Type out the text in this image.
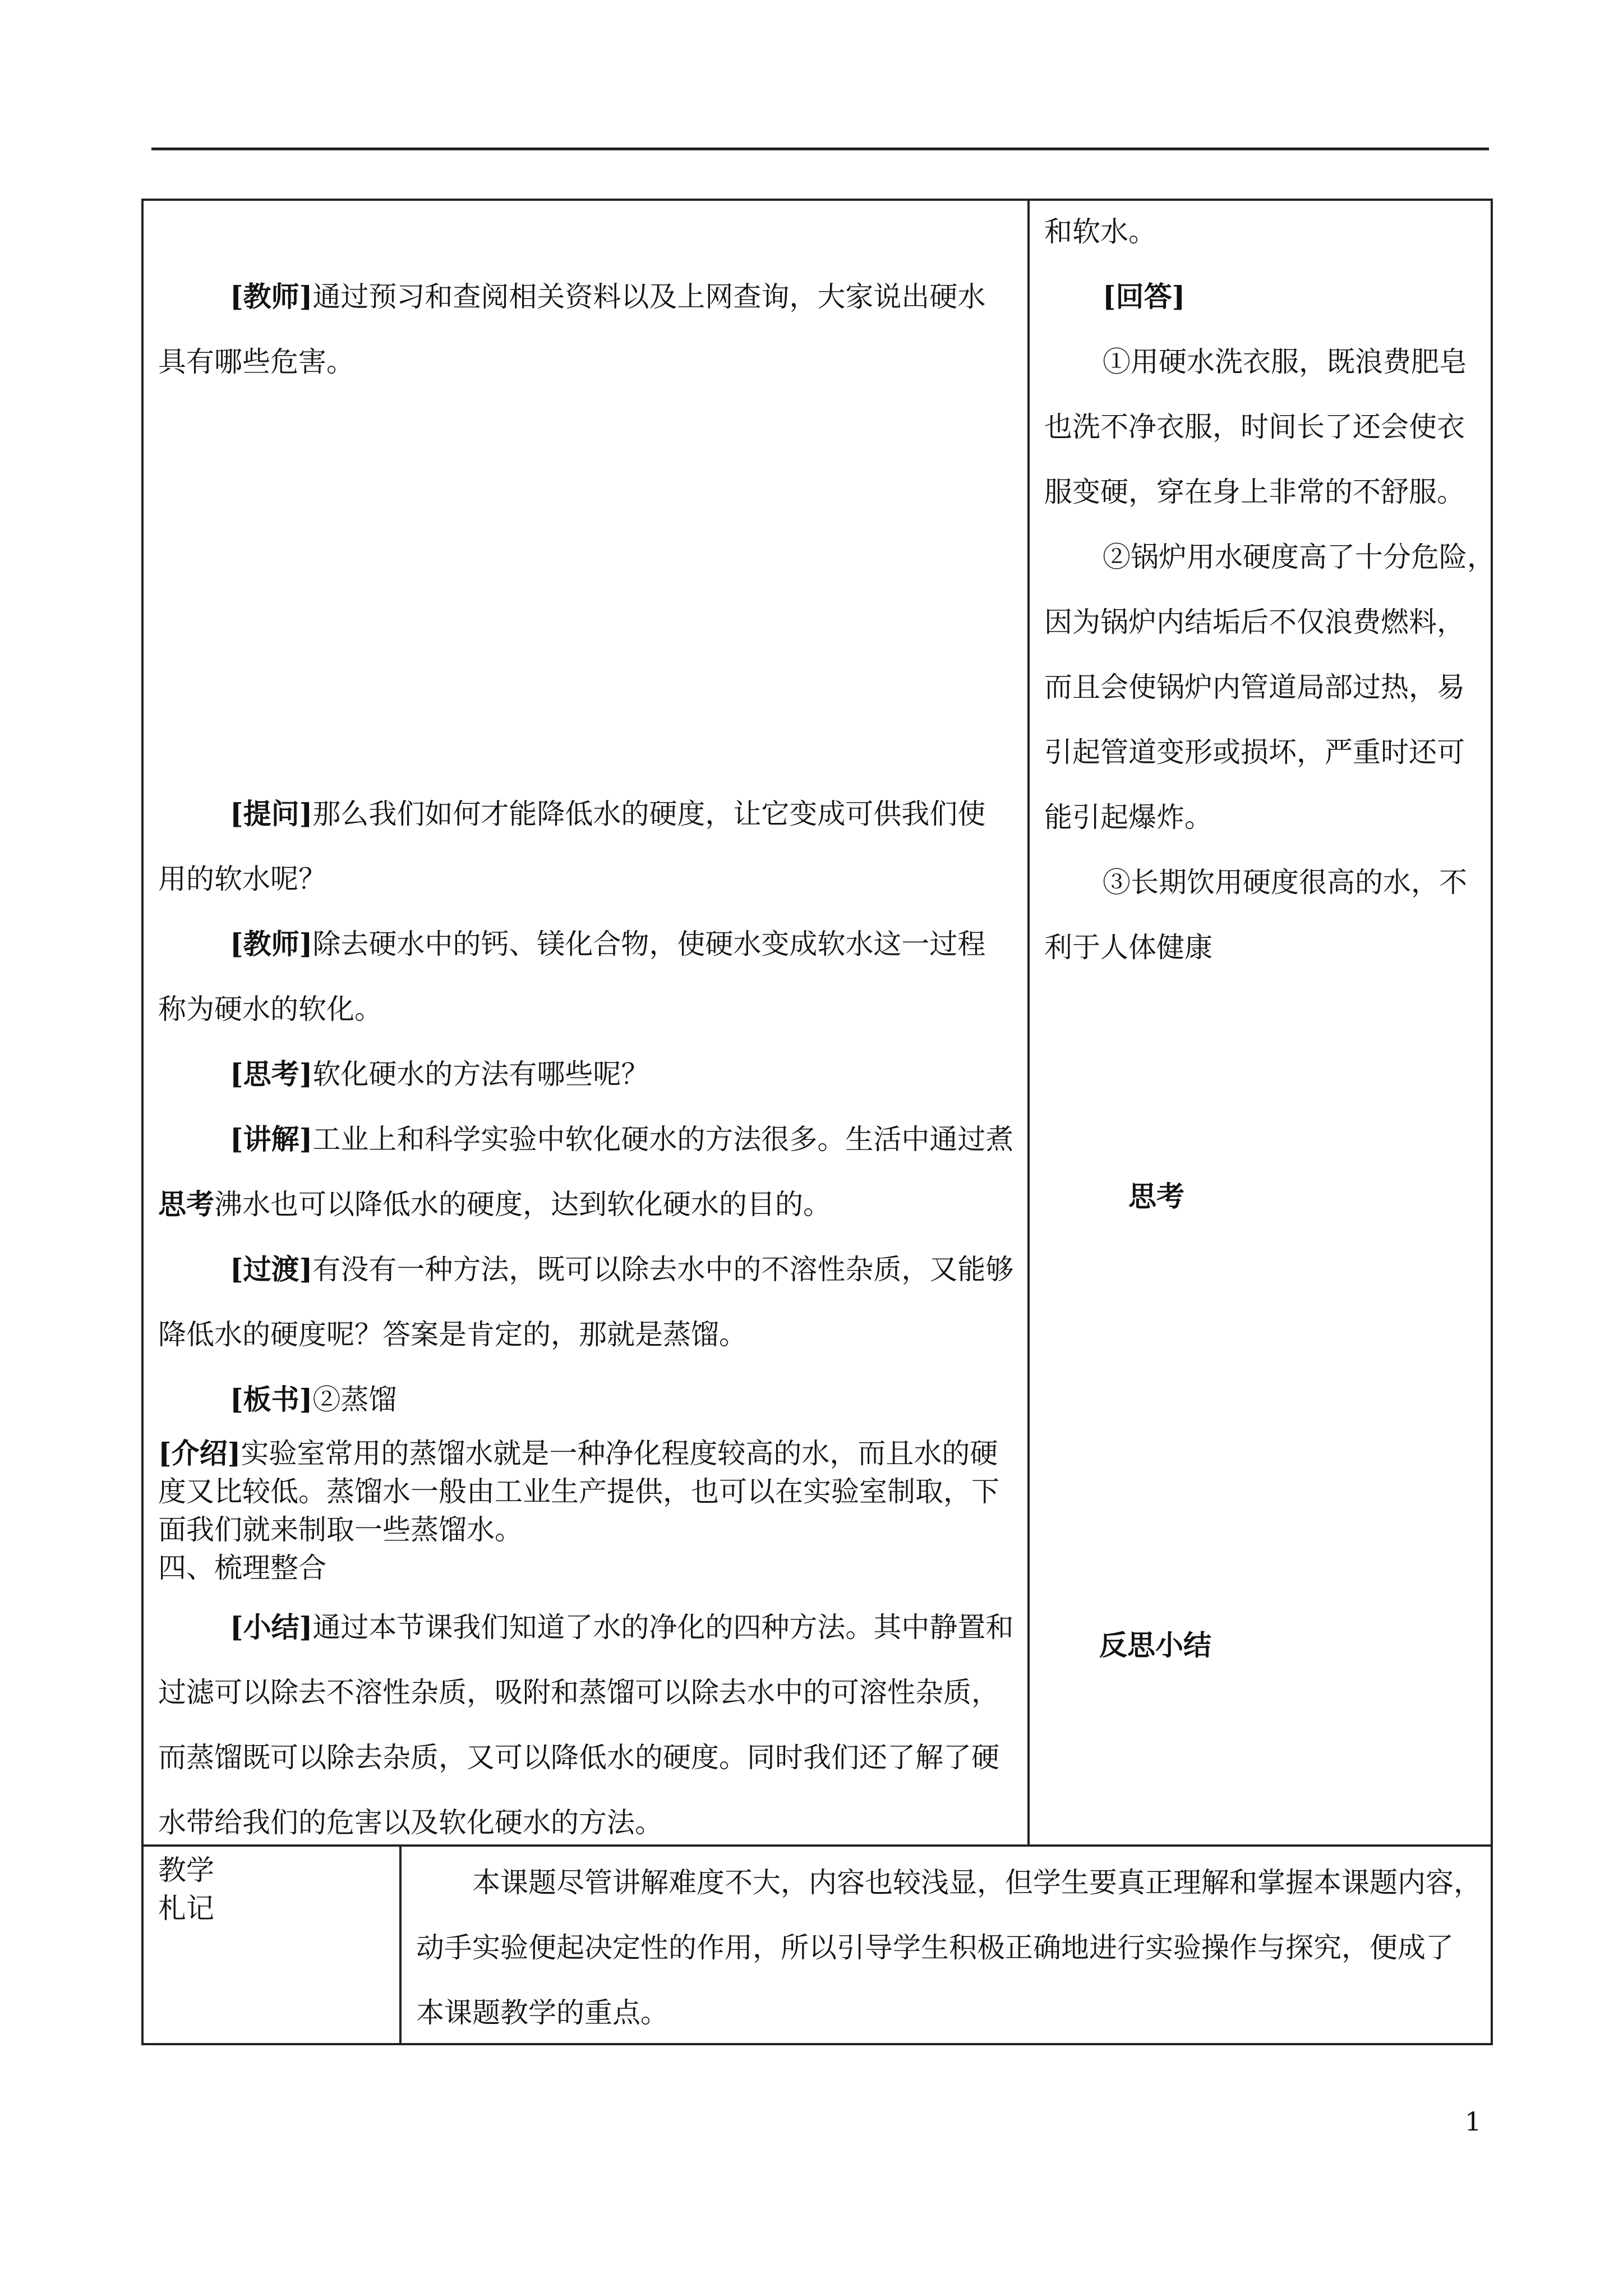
[教师]通过预习和查阅相关资料以及上网查询，大家说出硬水
具有哪些危害。
[提问]那么我们如何才能降低水的硬度，让它变成可供我们使
用的软水呢？
[教师]除去硬水中的钙、镁化合物，使硬水变成软水这一过程
称为硬水的软化。
[思考]软化硬水的方法有哪些呢？
[讲解]工业上和科学实验中软化硬水的方法很多。生活中通过煮
思考沸水也可以降低水的硬度，达到软化硬水的目的。
[过渡]有没有一种方法，既可以除去水中的不溶性杂质，又能够
降低水的硬度呢？答案是肯定的，那就是蒸馏。
[板书]②蒸馏
[介绍]实验室常用的蒸馏水就是一种净化程度较高的水，而且水的硬
度又比较低。蒸馏水一般由工业生产提供，也可以在实验室制取，下
面我们就来制取一些蒸馏水。
四、梳理整合
[小结]通过本节课我们知道了水的净化的四种方法。其中静置和
过滤可以除去不溶性杂质，吸附和蒸馏可以除去水中的可溶性杂质，
而蒸馏既可以除去杂质，又可以降低水的硬度。同时我们还了解了硬
水带给我们的危害以及软化硬水的方法。
和软水。
[回答]
①用硬水洗衣服，既浪费肥皂
也洗不净衣服，时间长了还会使衣
服变硬，穿在身上非常的不舒服。
②锅炉用水硬度高了十分危险，
因为锅炉内结垢后不仅浪费燃料，
而且会使锅炉内管道局部过热，易
引起管道变形或损坏，严重时还可
能引起爆炸。
③长期饮用硬度很高的水，不
利于人体健康
思考
反思小结
教学
札记
本课题尽管讲解难度不大，内容也较浅显，但学生要真正理解和掌握本课题内容，
动手实验便起决定性的作用，所以引导学生积极正确地进行实验操作与探究，便成了
本课题教学的重点。
1
